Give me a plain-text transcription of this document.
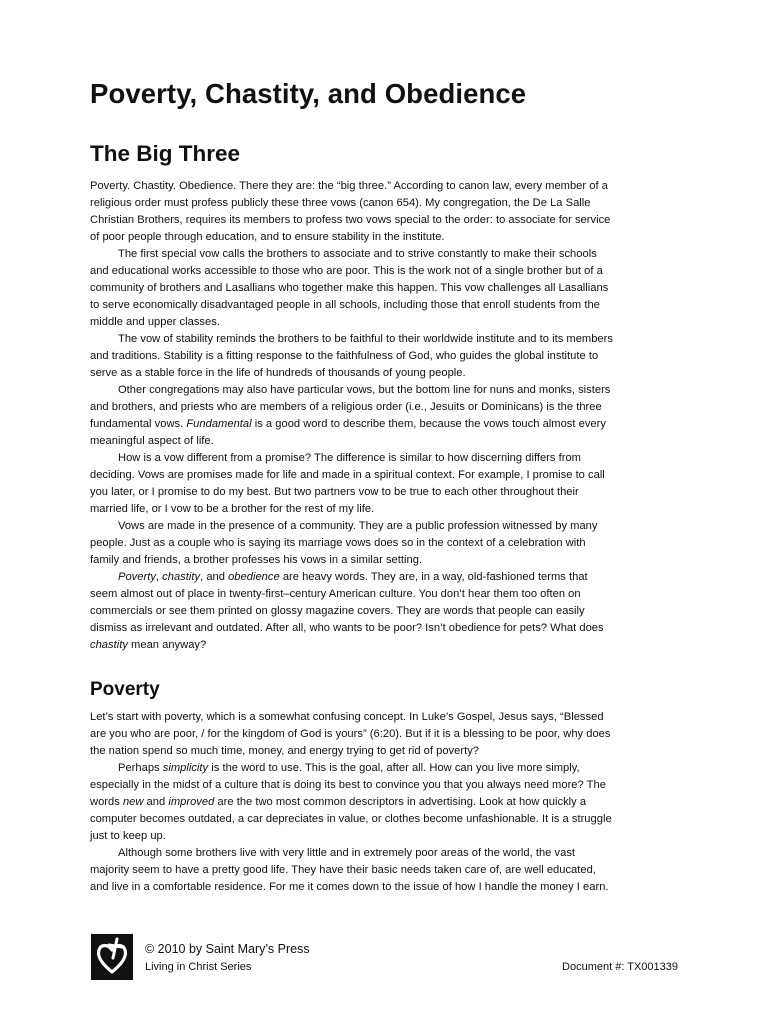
Poverty, Chastity, and Obedience
The Big Three
Poverty. Chastity. Obedience. There they are: the “big three.” According to canon law, every member of a
religious order must profess publicly these three vows (canon 654). My congregation, the De La Salle
Christian Brothers, requires its members to profess two vows special to the order: to associate for service
of poor people through education, and to ensure stability in the institute.
The first special vow calls the brothers to associate and to strive constantly to make their schools
and educational works accessible to those who are poor. This is the work not of a single brother but of a
community of brothers and Lasallians who together make this happen. This vow challenges all Lasallians
to serve economically disadvantaged people in all schools, including those that enroll students from the
middle and upper classes.
The vow of stability reminds the brothers to be faithful to their worldwide institute and to its members
and traditions. Stability is a fitting response to the faithfulness of God, who guides the global institute to
serve as a stable force in the life of hundreds of thousands of young people.
Other congregations may also have particular vows, but the bottom line for nuns and monks, sisters
and brothers, and priests who are members of a religious order (i.e., Jesuits or Dominicans) is the three
fundamental vows. Fundamental is a good word to describe them, because the vows touch almost every
meaningful aspect of life.
How is a vow different from a promise? The difference is similar to how discerning differs from
deciding. Vows are promises made for life and made in a spiritual context. For example, I promise to call
you later, or I promise to do my best. But two partners vow to be true to each other throughout their
married life, or I vow to be a brother for the rest of my life.
Vows are made in the presence of a community. They are a public profession witnessed by many
people. Just as a couple who is saying its marriage vows does so in the context of a celebration with
family and friends, a brother professes his vows in a similar setting.
Poverty, chastity, and obedience are heavy words. They are, in a way, old-fashioned terms that
seem almost out of place in twenty-first–century American culture. You don’t hear them too often on
commercials or see them printed on glossy magazine covers. They are words that people can easily
dismiss as irrelevant and outdated. After all, who wants to be poor? Isn’t obedience for pets? What does
chastity mean anyway?
Poverty
Let’s start with poverty, which is a somewhat confusing concept. In Luke’s Gospel, Jesus says, “Blessed
are you who are poor, / for the kingdom of God is yours” (6:20). But if it is a blessing to be poor, why does
the nation spend so much time, money, and energy trying to get rid of poverty?
Perhaps simplicity is the word to use. This is the goal, after all. How can you live more simply,
especially in the midst of a culture that is doing its best to convince you that you always need more? The
words new and improved are the two most common descriptors in advertising. Look at how quickly a
computer becomes outdated, a car depreciates in value, or clothes become unfashionable. It is a struggle
just to keep up.
Although some brothers live with very little and in extremely poor areas of the world, the vast
majority seem to have a pretty good life. They have their basic needs taken care of, are well educated,
and live in a comfortable residence. For me it comes down to the issue of how I handle the money I earn.
© 2010 by Saint Mary’s Press
Living in Christ Series	Document #: TX001339
